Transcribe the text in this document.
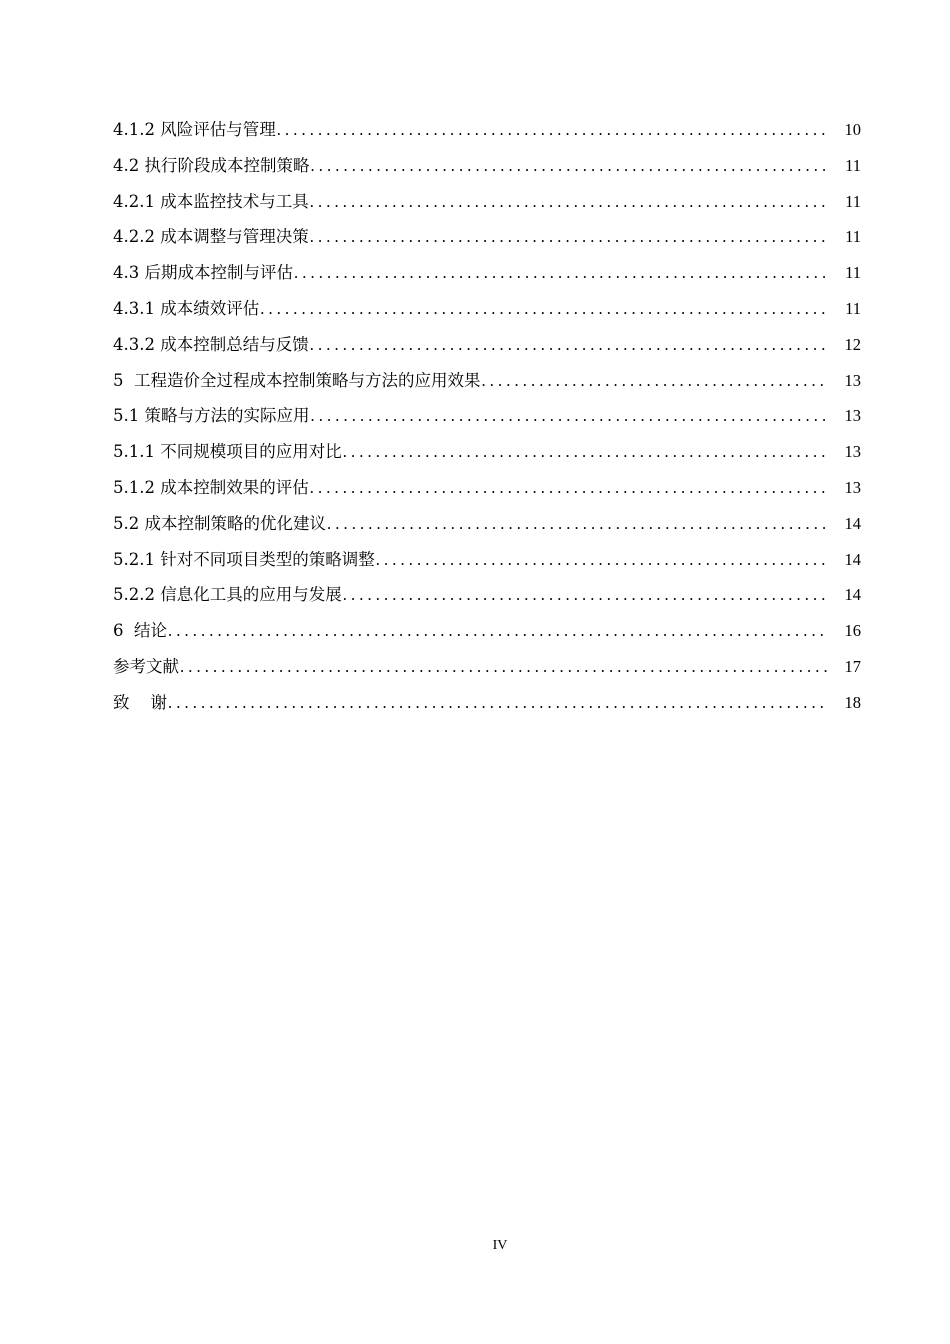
4.1.2 风险评估与管理 . . .	10
4.2 执行阶段成本控制策略 . . .	11
4.2.1 成本监控技术与工具 . . .	11
4.2.2 成本调整与管理决策 . . .	11
4.3 后期成本控制与评估 . . .	11
4.3.1 成本绩效评估 . . .	11
4.3.2 成本控制总结与反馈 . . .	12
5  工程造价全过程成本控制策略与方法的应用效果 . . .	13
5.1 策略与方法的实际应用 . . .	13
5.1.1 不同规模项目的应用对比 . . .	13
5.1.2 成本控制效果的评估 . . .	13
5.2 成本控制策略的优化建议 . . .	14
5.2.1 针对不同项目类型的策略调整 . . .	14
5.2.2 信息化工具的应用与发展 . . .	14
6  结论 . . .	16
参考文献 . . .	17
致    谢 . . .	18
IV
